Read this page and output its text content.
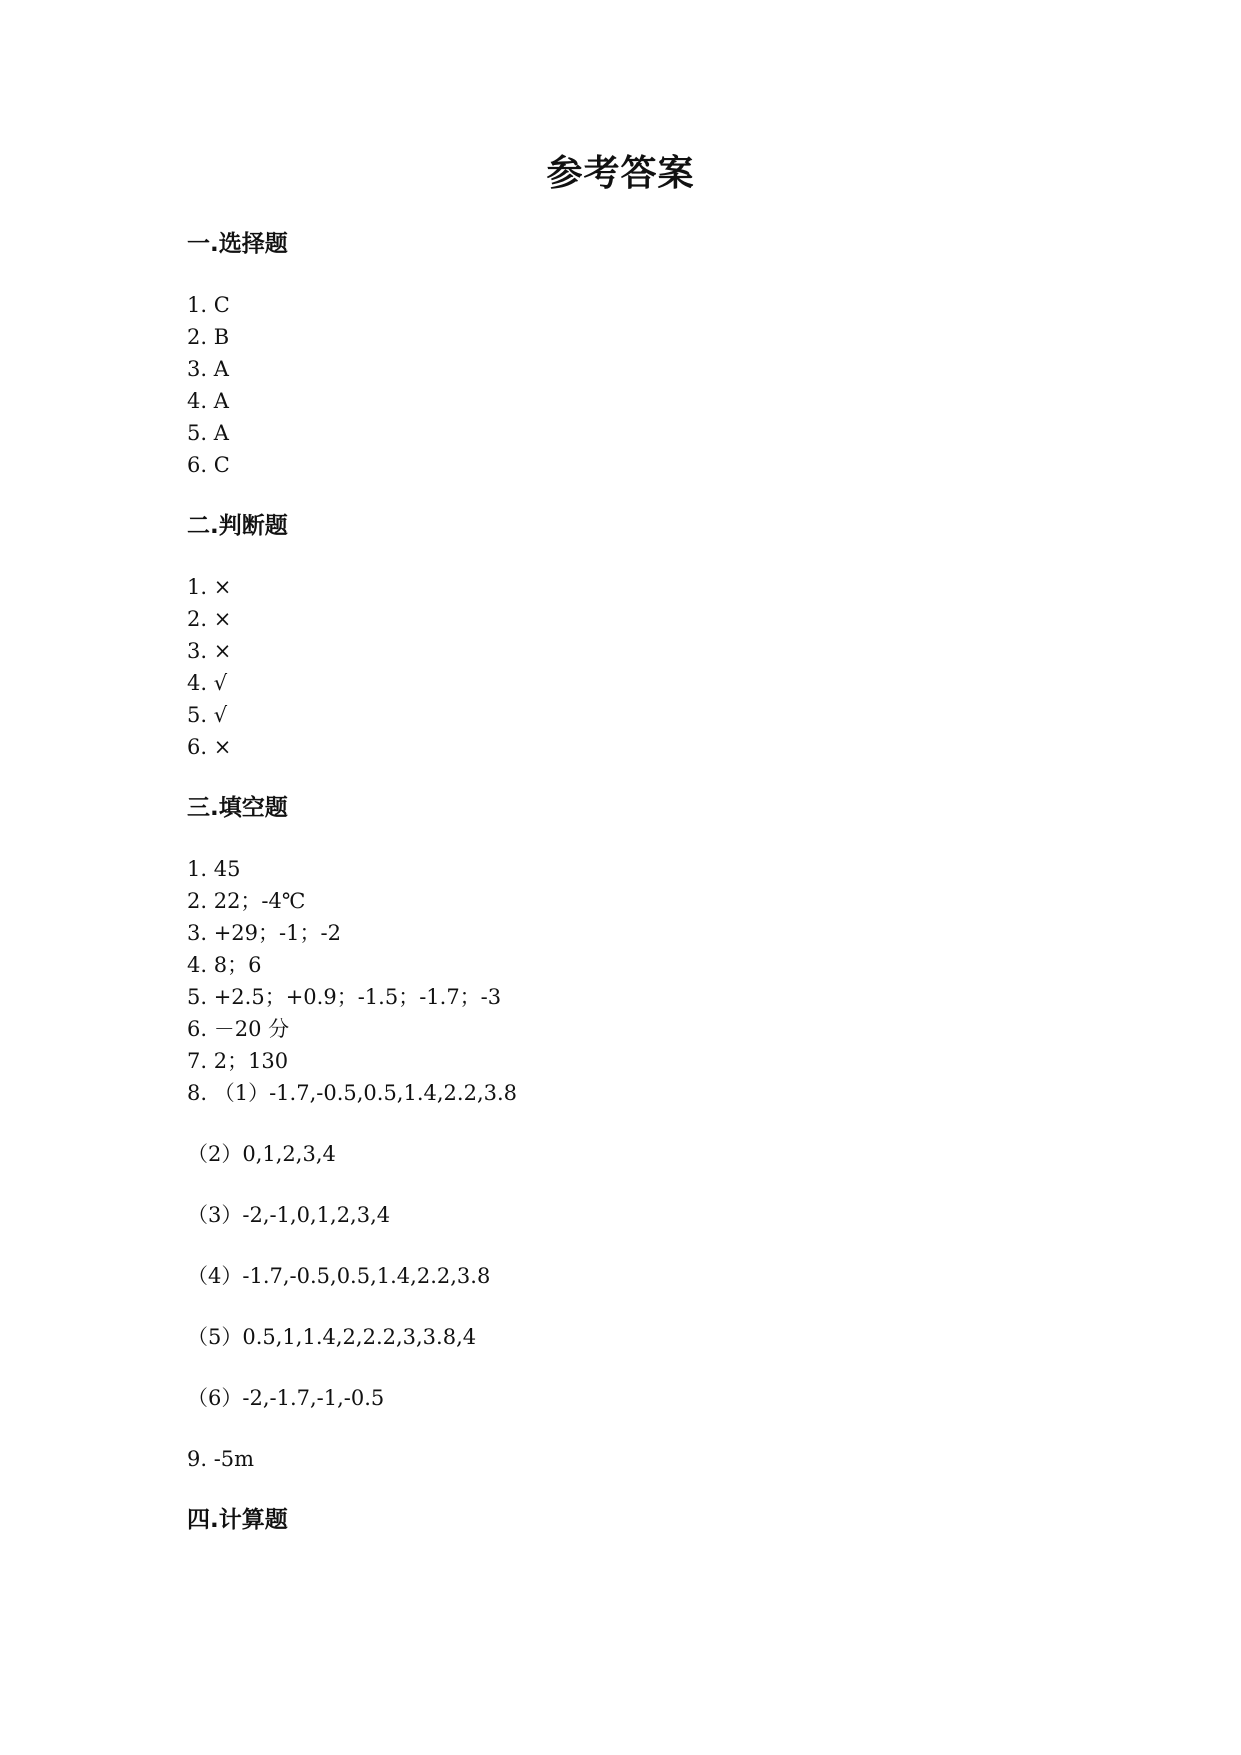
参考答案
一.选择题
1. C
2. B
3. A
4. A
5. A
6. C
二.判断题
1. ×
2. ×
3. ×
4. √
5. √
6. ×
三.填空题
1. 45
2. 22；-4℃
3. +29；-1；-2
4. 8；6
5. +2.5；+0.9；-1.5；-1.7；-3
6. －20 分
7. 2；130
8. （1）-1.7,-0.5,0.5,1.4,2.2,3.8
（2）0,1,2,3,4
（3）-2,-1,0,1,2,3,4
（4）-1.7,-0.5,0.5,1.4,2.2,3.8
（5）0.5,1,1.4,2,2.2,3,3.8,4
（6）-2,-1.7,-1,-0.5
9. -5m
四.计算题
